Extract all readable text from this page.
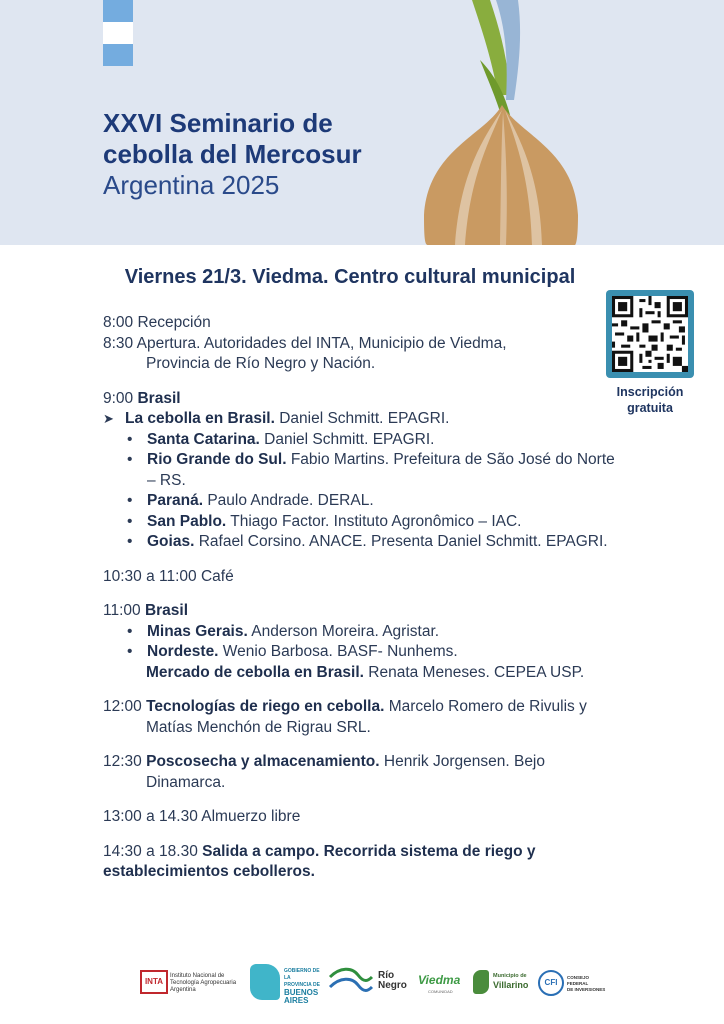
XXVI Seminario de
cebolla del Mercosur
Argentina 2025
Viernes 21/3. Viedma. Centro cultural municipal
Inscripción
gratuita
8:00 Recepción
8:30 Apertura. Autoridades del INTA, Municipio de Viedma,
Provincia de Río Negro y Nación.
9:00 Brasil
➤ La cebolla en Brasil. Daniel Schmitt. EPAGRI.
• Santa Catarina. Daniel Schmitt. EPAGRI.
• Rio Grande do Sul. Fabio Martins. Prefeitura de São José do Norte – RS.
• Paraná. Paulo Andrade. DERAL.
• San Pablo. Thiago Factor. Instituto Agronômico – IAC.
• Goias. Rafael Corsino. ANACE. Presenta Daniel Schmitt. EPAGRI.
10:30 a 11:00 Café
11:00 Brasil
• Minas Gerais. Anderson Moreira. Agristar.
• Nordeste. Wenio Barbosa. BASF- Nunhems.
Mercado de cebolla en Brasil. Renata Meneses. CEPEA USP.
12:00 Tecnologías de riego en cebolla. Marcelo Romero de Rivulis y
Matías Menchón de Rigrau SRL.
12:30 Poscosecha y almacenamiento. Henrik Jorgensen. Bejo
Dinamarca.
13:00 a 14.30 Almuerzo libre
14:30 a 18.30 Salida a campo. Recorrida sistema de riego y
establecimientos cebolleros.
INTA
Instituto Nacional de
Tecnología Agropecuaria
Argentina
GOBIERNO DE LA
PROVINCIA DE
BUENOS
AIRES
Río
Negro Viedma
COMUNIDAD
Municipio de
Villarino	CFI
CONSEJO FEDERAL
DE INVERSIONES
